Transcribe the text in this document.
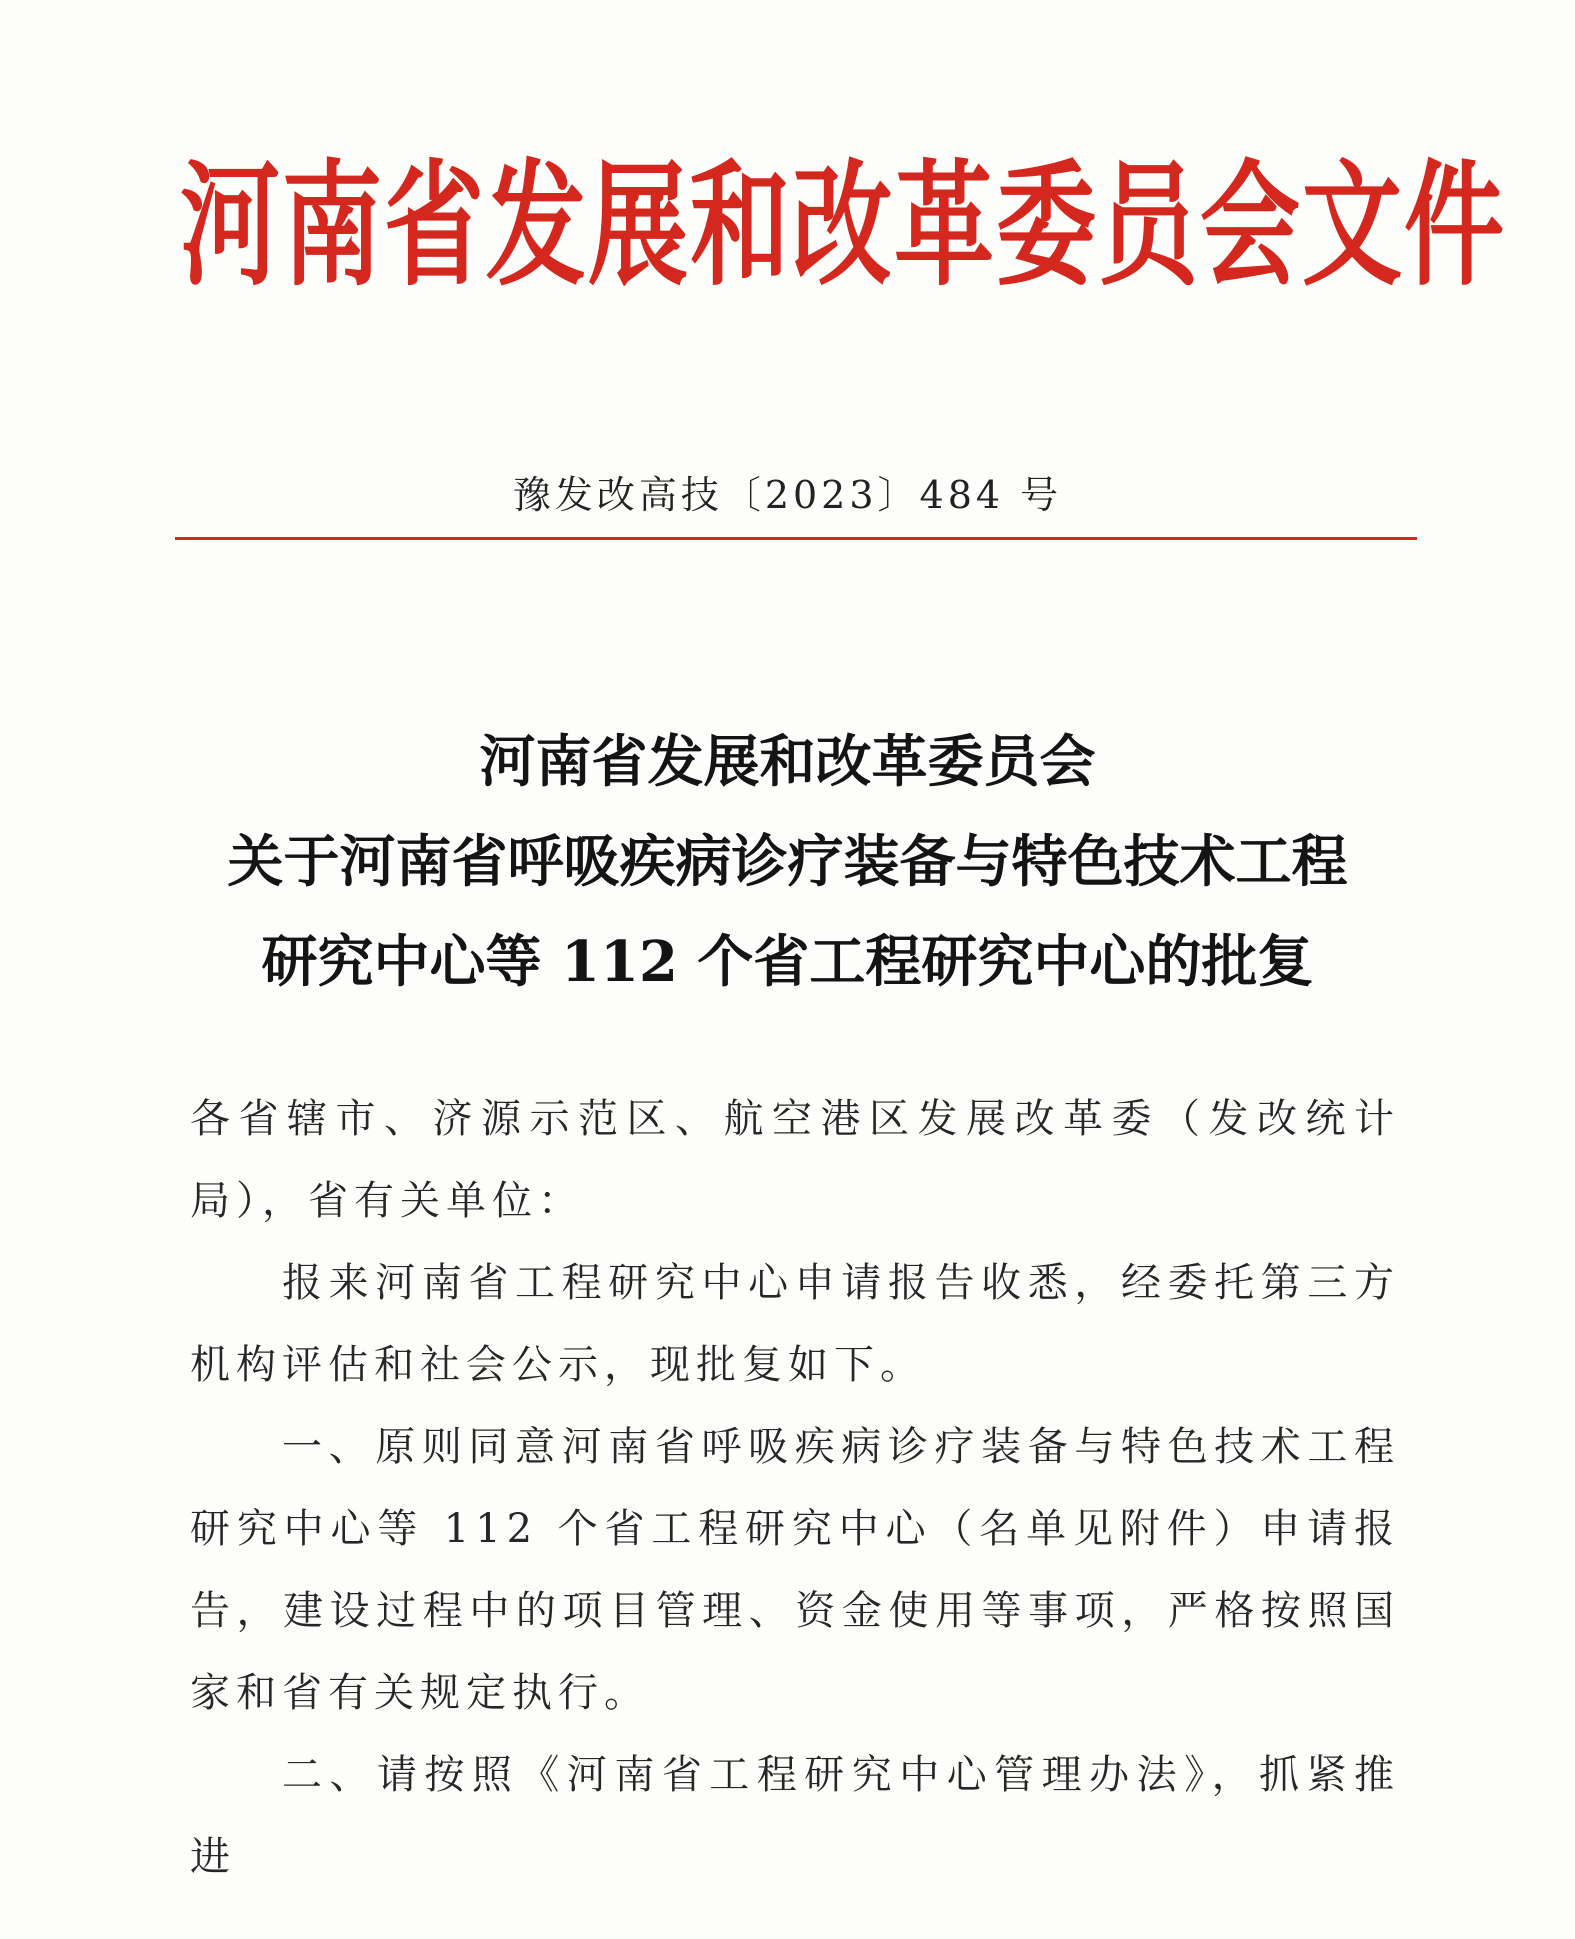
河南省发展和改革委员会文件
豫发改高技〔2023〕484 号
河南省发展和改革委员会
关于河南省呼吸疾病诊疗装备与特色技术工程
研究中心等 112 个省工程研究中心的批复

各省辖市、济源示范区、航空港区发展改革委（发改统计局），省有关单位：

报来河南省工程研究中心申请报告收悉，经委托第三方机构评估和社会公示，现批复如下。

一、原则同意河南省呼吸疾病诊疗装备与特色技术工程研究中心等 112 个省工程研究中心（名单见附件）申请报告，建设过程中的项目管理、资金使用等事项，严格按照国家和省有关规定执行。

二、请按照《河南省工程研究中心管理办法》，抓紧推进
